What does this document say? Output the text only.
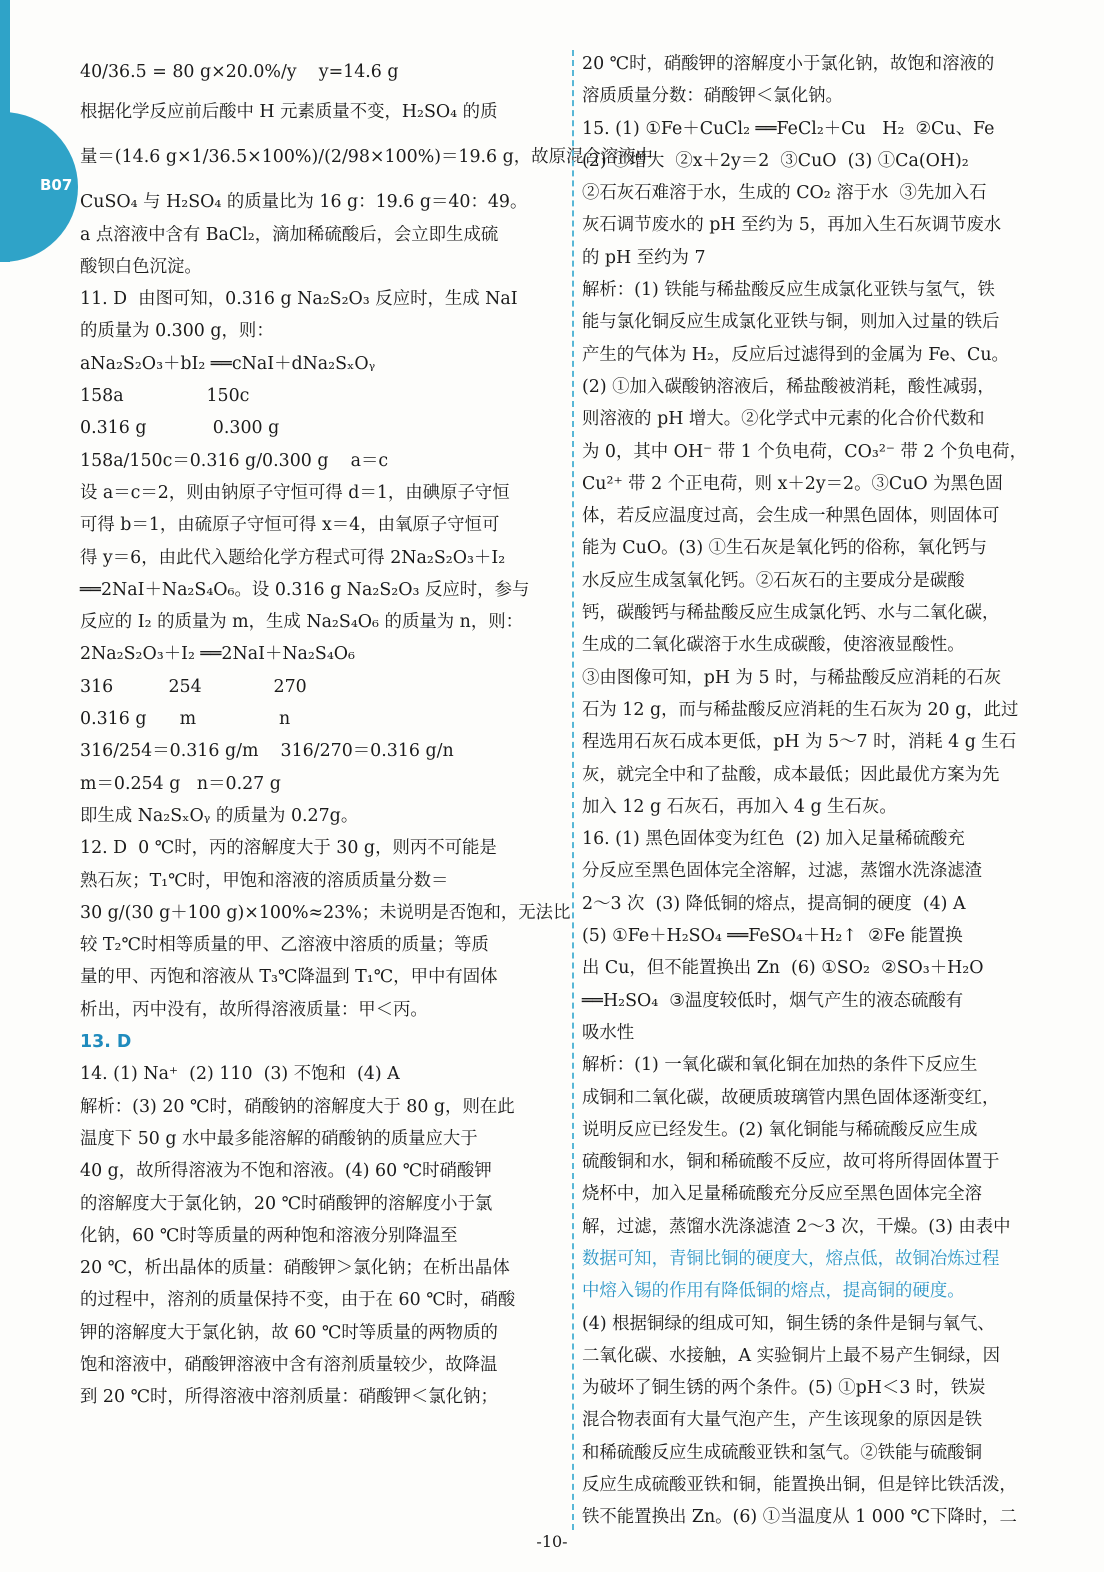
B07
40/36.5 = 80 g×20.0%/y    y=14.6 g
根据化学反应前后酸中 H 元素质量不变，H₂SO₄ 的质
量＝(14.6 g×1/36.5×100%)/(2/98×100%)＝19.6 g，故原混合溶液中
CuSO₄ 与 H₂SO₄ 的质量比为 16 g：19.6 g＝40：49。
a 点溶液中含有 BaCl₂，滴加稀硫酸后，会立即生成硫
酸钡白色沉淀。
11. D  由图可知，0.316 g Na₂S₂O₃ 反应时，生成 NaI
的质量为 0.300 g，则：
aNa₂S₂O₃＋bI₂ ══cNaI＋dNa₂SₓOᵧ
158a               150c
0.316 g            0.300 g
158a/150c＝0.316 g/0.300 g    a＝c
设 a＝c＝2，则由钠原子守恒可得 d＝1，由碘原子守恒
可得 b＝1，由硫原子守恒可得 x＝4，由氧原子守恒可
得 y＝6，由此代入题给化学方程式可得 2Na₂S₂O₃＋I₂
══2NaI＋Na₂S₄O₆。设 0.316 g Na₂S₂O₃ 反应时，参与
反应的 I₂ 的质量为 m，生成 Na₂S₄O₆ 的质量为 n，则：
2Na₂S₂O₃＋I₂ ══2NaI＋Na₂S₄O₆
316          254             270
0.316 g      m               n
316/254＝0.316 g/m    316/270＝0.316 g/n
m＝0.254 g   n＝0.27 g
即生成 Na₂SₓOᵧ 的质量为 0.27g。
12. D  0 ℃时，丙的溶解度大于 30 g，则丙不可能是
熟石灰；T₁℃时，甲饱和溶液的溶质质量分数＝
30 g/(30 g＋100 g)×100%≈23%；未说明是否饱和，无法比
较 T₂℃时相等质量的甲、乙溶液中溶质的质量；等质
量的甲、丙饱和溶液从 T₃℃降温到 T₁℃，甲中有固体
析出，丙中没有，故所得溶液质量：甲＜丙。
13. D
14. (1) Na⁺  (2) 110  (3) 不饱和  (4) A
解析：(3) 20 ℃时，硝酸钠的溶解度大于 80 g，则在此
温度下 50 g 水中最多能溶解的硝酸钠的质量应大于
40 g，故所得溶液为不饱和溶液。(4) 60 ℃时硝酸钾
的溶解度大于氯化钠，20 ℃时硝酸钾的溶解度小于氯
化钠，60 ℃时等质量的两种饱和溶液分别降温至
20 ℃，析出晶体的质量：硝酸钾＞氯化钠；在析出晶体
的过程中，溶剂的质量保持不变，由于在 60 ℃时，硝酸
钾的溶解度大于氯化钠，故 60 ℃时等质量的两物质的
饱和溶液中，硝酸钾溶液中含有溶剂质量较少，故降温
到 20 ℃时，所得溶液中溶剂质量：硝酸钾＜氯化钠；
20 ℃时，硝酸钾的溶解度小于氯化钠，故饱和溶液的
溶质质量分数：硝酸钾＜氯化钠。
15. (1) ①Fe＋CuCl₂ ══FeCl₂＋Cu   H₂  ②Cu、Fe
(2) ①增大  ②x＋2y＝2  ③CuO  (3) ①Ca(OH)₂
②石灰石难溶于水，生成的 CO₂ 溶于水  ③先加入石
灰石调节废水的 pH 至约为 5，再加入生石灰调节废水
的 pH 至约为 7
解析：(1) 铁能与稀盐酸反应生成氯化亚铁与氢气，铁
能与氯化铜反应生成氯化亚铁与铜，则加入过量的铁后
产生的气体为 H₂，反应后过滤得到的金属为 Fe、Cu。
(2) ①加入碳酸钠溶液后，稀盐酸被消耗，酸性减弱，
则溶液的 pH 增大。②化学式中元素的化合价代数和
为 0，其中 OH⁻ 带 1 个负电荷，CO₃²⁻ 带 2 个负电荷，
Cu²⁺ 带 2 个正电荷，则 x＋2y＝2。③CuO 为黑色固
体，若反应温度过高，会生成一种黑色固体，则固体可
能为 CuO。(3) ①生石灰是氧化钙的俗称，氧化钙与
水反应生成氢氧化钙。②石灰石的主要成分是碳酸
钙，碳酸钙与稀盐酸反应生成氯化钙、水与二氧化碳，
生成的二氧化碳溶于水生成碳酸，使溶液显酸性。
③由图像可知，pH 为 5 时，与稀盐酸反应消耗的石灰
石为 12 g，而与稀盐酸反应消耗的生石灰为 20 g，此过
程选用石灰石成本更低，pH 为 5～7 时，消耗 4 g 生石
灰，就完全中和了盐酸，成本最低；因此最优方案为先
加入 12 g 石灰石，再加入 4 g 生石灰。
16. (1) 黑色固体变为红色  (2) 加入足量稀硫酸充
分反应至黑色固体完全溶解，过滤，蒸馏水洗涤滤渣
2～3 次  (3) 降低铜的熔点，提高铜的硬度  (4) A
(5) ①Fe＋H₂SO₄ ══FeSO₄＋H₂↑  ②Fe 能置换
出 Cu，但不能置换出 Zn  (6) ①SO₂  ②SO₃＋H₂O
══H₂SO₄  ③温度较低时，烟气产生的液态硫酸有
吸水性
解析：(1) 一氧化碳和氧化铜在加热的条件下反应生
成铜和二氧化碳，故硬质玻璃管内黑色固体逐渐变红，
说明反应已经发生。(2) 氧化铜能与稀硫酸反应生成
硫酸铜和水，铜和稀硫酸不反应，故可将所得固体置于
烧杯中，加入足量稀硫酸充分反应至黑色固体完全溶
解，过滤，蒸馏水洗涤滤渣 2～3 次，干燥。(3) 由表中
数据可知，青铜比铜的硬度大，熔点低，故铜冶炼过程
中熔入锡的作用有降低铜的熔点，提高铜的硬度。
(4) 根据铜绿的组成可知，铜生锈的条件是铜与氧气、
二氧化碳、水接触，A 实验铜片上最不易产生铜绿，因
为破坏了铜生锈的两个条件。(5) ①pH＜3 时，铁炭
混合物表面有大量气泡产生，产生该现象的原因是铁
和稀硫酸反应生成硫酸亚铁和氢气。②铁能与硫酸铜
反应生成硫酸亚铁和铜，能置换出铜，但是锌比铁活泼，
铁不能置换出 Zn。(6) ①当温度从 1 000 ℃下降时，二
-10-
